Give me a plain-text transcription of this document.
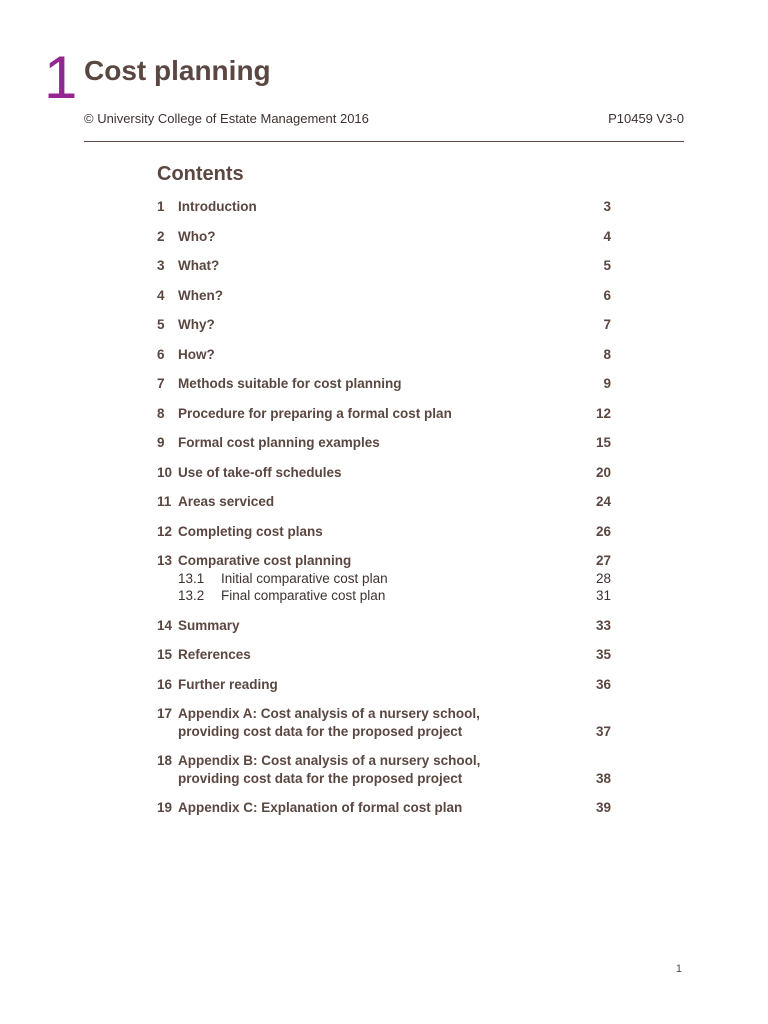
1 Cost planning
© University College of Estate Management 2016	P10459 V3-0
Contents
1 Introduction	3
2 Who?	4
3 What?	5
4 When?	6
5 Why?	7
6 How?	8
7 Methods suitable for cost planning	9
8 Procedure for preparing a formal cost plan	12
9 Formal cost planning examples	15
10 Use of take-off schedules	20
11 Areas serviced	24
12 Completing cost plans	26
13 Comparative cost planning	27
13.1	Initial comparative cost plan	28
13.2	Final comparative cost plan	31
14 Summary	33
15 References	35
16 Further reading	36
17 Appendix A: Cost analysis of a nursery school,
providing cost data for the proposed project	37
18 Appendix B: Cost analysis of a nursery school,
providing cost data for the proposed project	38
19 Appendix C: Explanation of formal cost plan	39
1
